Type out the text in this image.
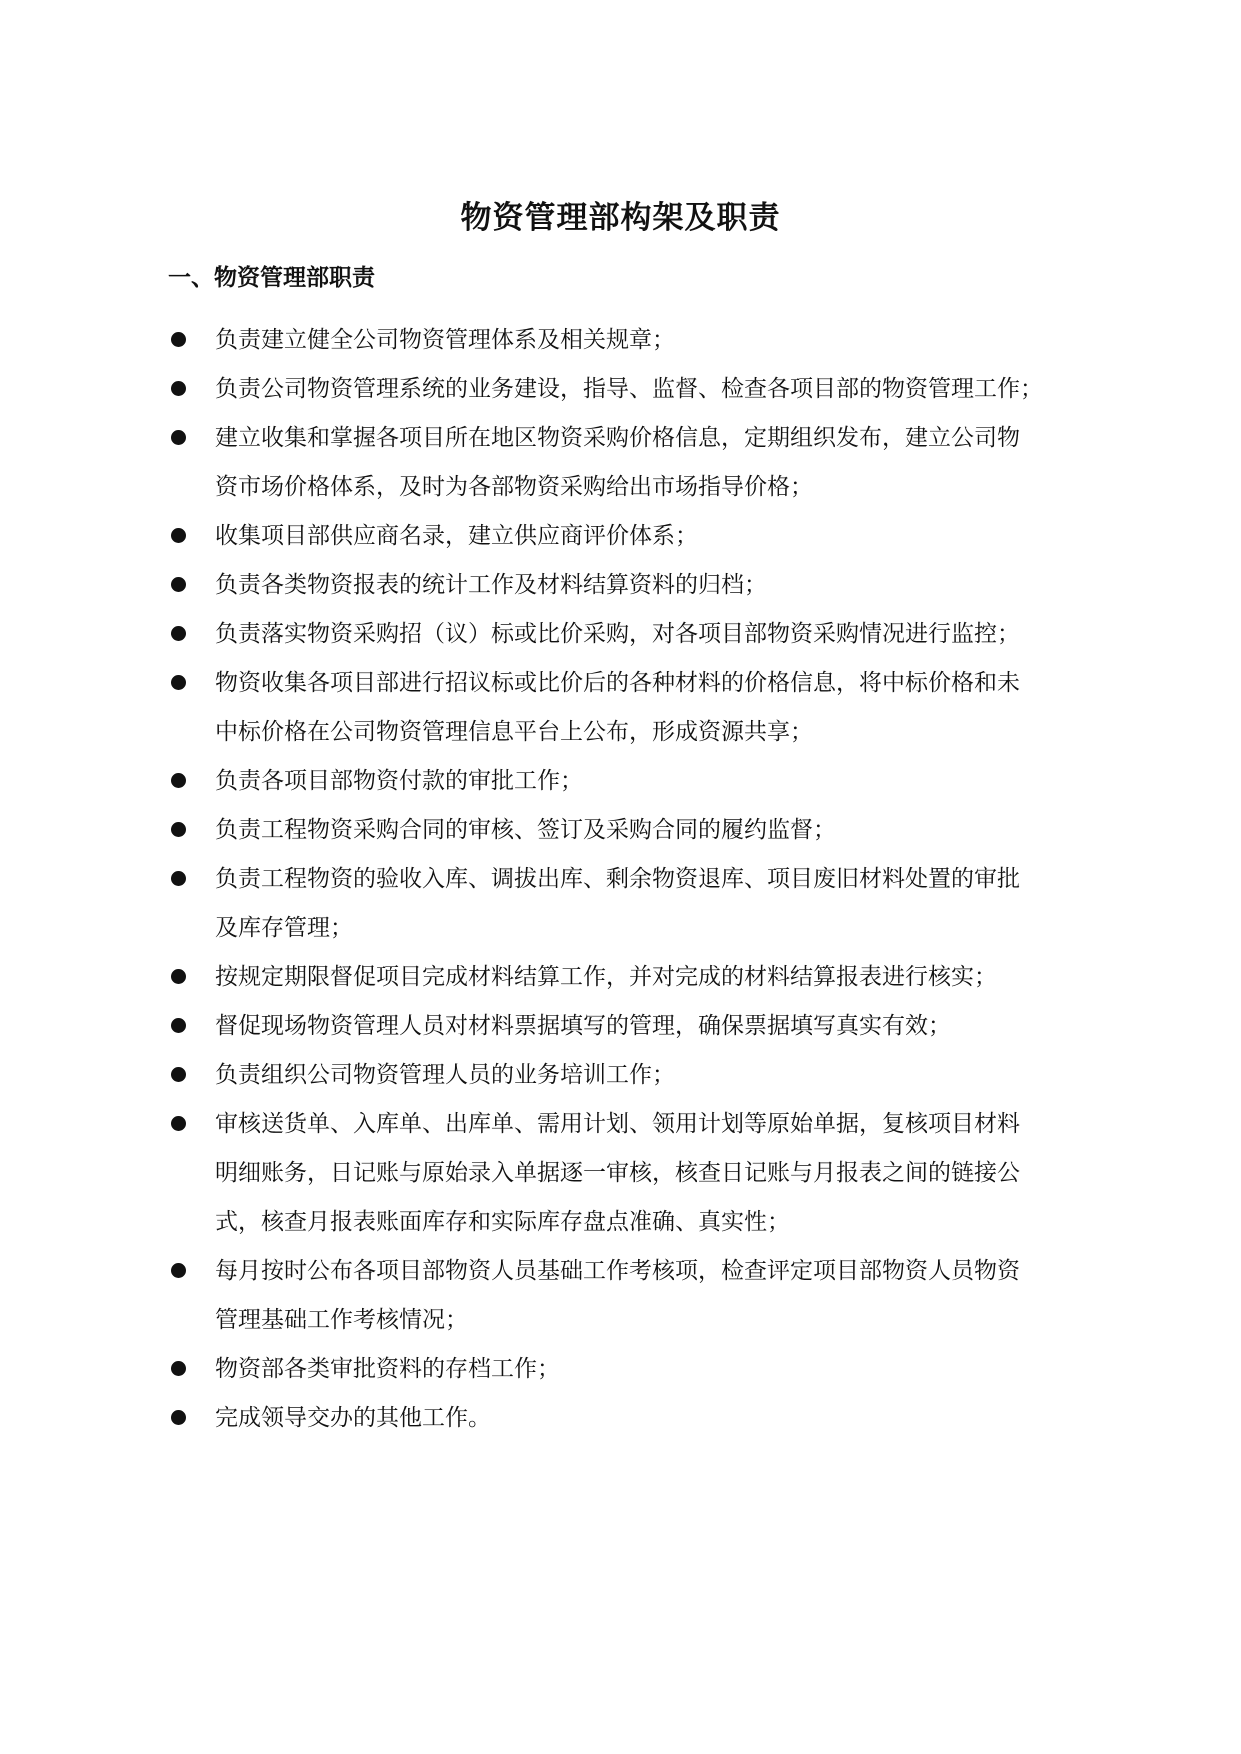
物资管理部构架及职责
一、物资管理部职责
负责建立健全公司物资管理体系及相关规章；
负责公司物资管理系统的业务建设，指导、监督、检查各项目部的物资管理工作；
建立收集和掌握各项目所在地区物资采购价格信息，定期组织发布，建立公司物
资市场价格体系，及时为各部物资采购给出市场指导价格；
收集项目部供应商名录，建立供应商评价体系；
负责各类物资报表的统计工作及材料结算资料的归档；
负责落实物资采购招（议）标或比价采购，对各项目部物资采购情况进行监控；
物资收集各项目部进行招议标或比价后的各种材料的价格信息，将中标价格和未
中标价格在公司物资管理信息平台上公布，形成资源共享；
负责各项目部物资付款的审批工作；
负责工程物资采购合同的审核、签订及采购合同的履约监督；
负责工程物资的验收入库、调拔出库、剩余物资退库、项目废旧材料处置的审批
及库存管理；
按规定期限督促项目完成材料结算工作，并对完成的材料结算报表进行核实；
督促现场物资管理人员对材料票据填写的管理，确保票据填写真实有效；
负责组织公司物资管理人员的业务培训工作；
审核送货单、入库单、出库单、需用计划、领用计划等原始单据，复核项目材料
明细账务，日记账与原始录入单据逐一审核，核查日记账与月报表之间的链接公
式，核查月报表账面库存和实际库存盘点准确、真实性；
每月按时公布各项目部物资人员基础工作考核项，检查评定项目部物资人员物资
管理基础工作考核情况；
物资部各类审批资料的存档工作；
完成领导交办的其他工作。
